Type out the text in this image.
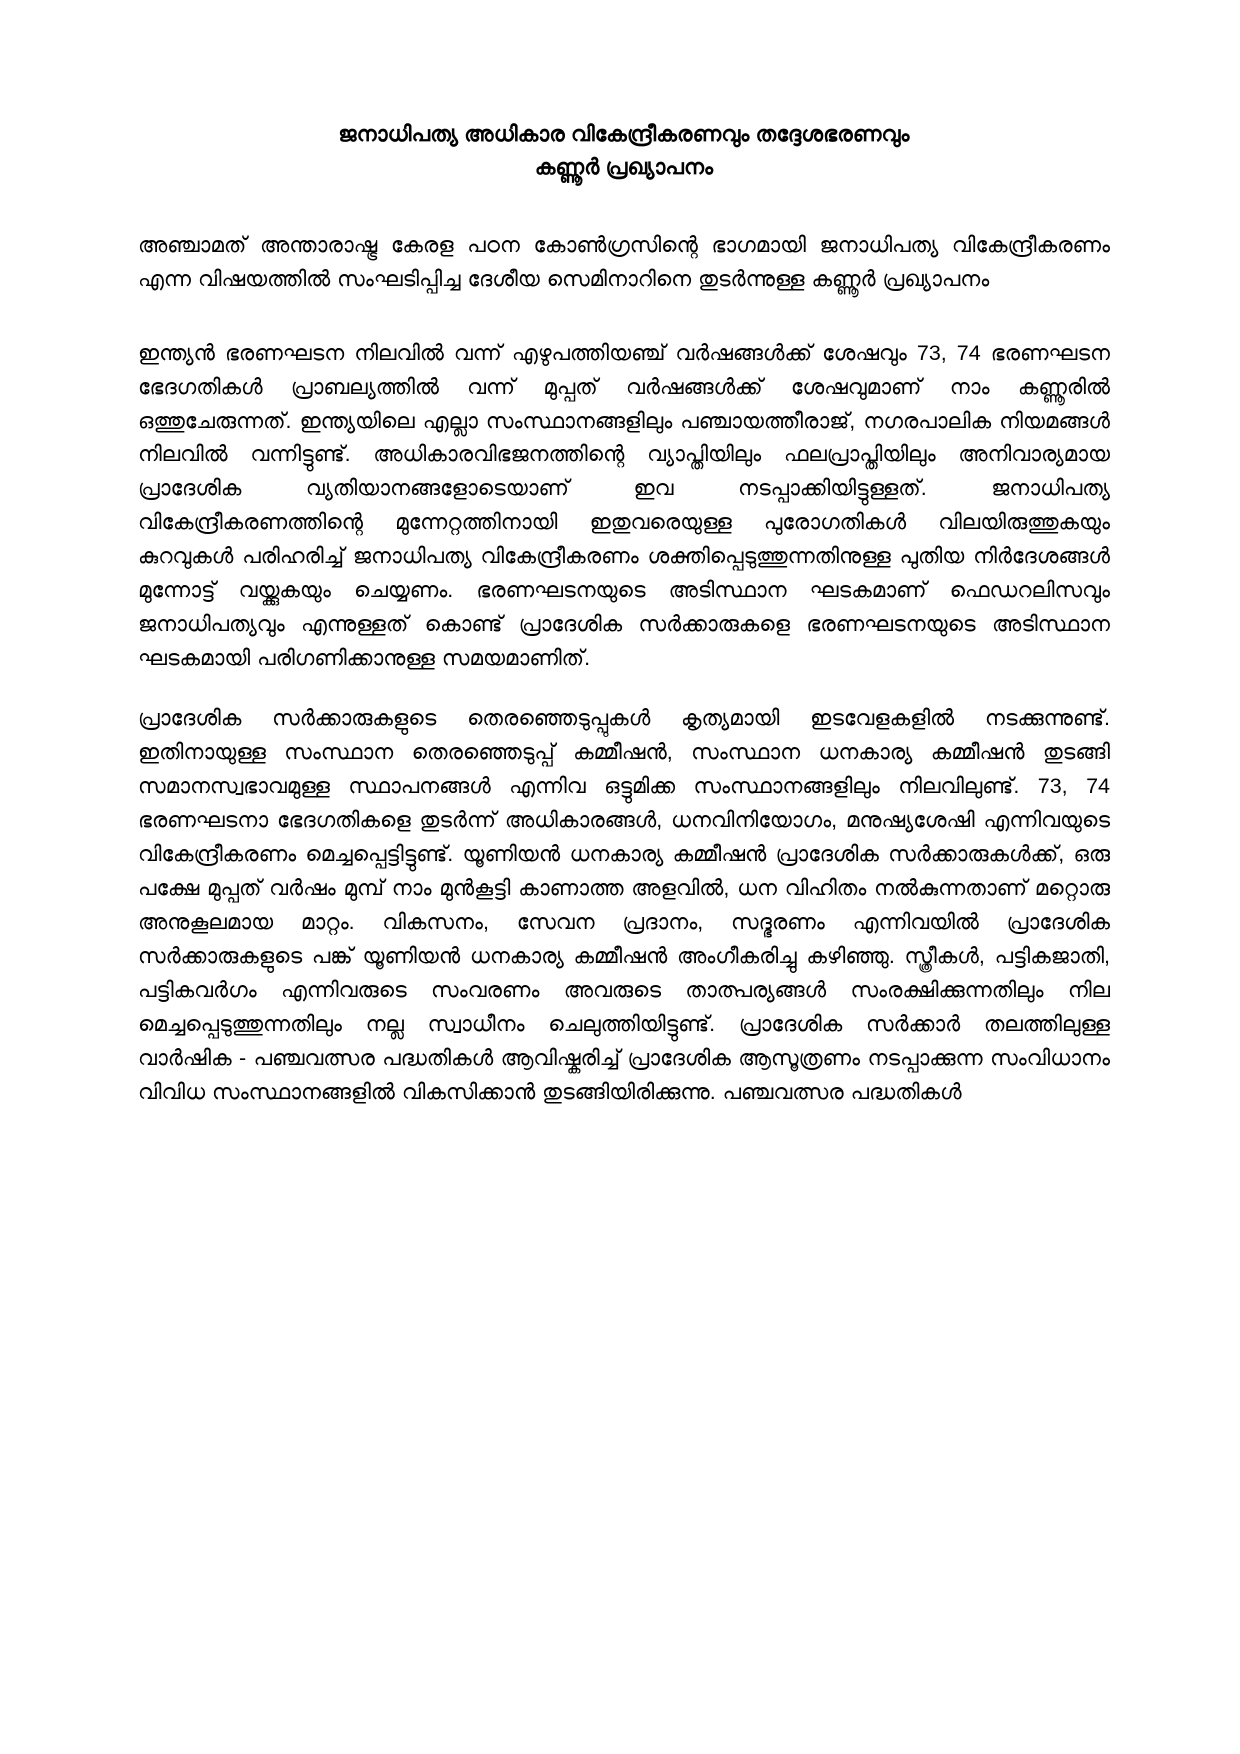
ജനാധിപത്യ അധികാര വികേന്ദ്രീകരണവും തദ്ദേശഭരണവും
കണ്ണൂർ പ്രഖ്യാപനം

അഞ്ചാമത് അന്താരാഷ്ട്ര കേരള പഠന കോൺഗ്രസിന്റെ ഭാഗമായി ജനാധിപത്യ വികേന്ദ്രീകരണം എന്ന വിഷയത്തിൽ സംഘടിപ്പിച്ച ദേശീയ സെമിനാറിനെ തുടർന്നുള്ള കണ്ണൂർ പ്രഖ്യാപനം

ഇന്ത്യൻ ഭരണഘടന നിലവിൽ വന്ന് എഴുപത്തിയഞ്ച് വർഷങ്ങൾക്ക് ശേഷവും 73, 74 ഭരണഘടന ഭേദഗതികൾ പ്രാബല്യത്തിൽ വന്ന് മുപ്പത് വർഷങ്ങൾക്ക് ശേഷവുമാണ് നാം കണ്ണൂരിൽ ഒത്തുചേരുന്നത്. ഇന്ത്യയിലെ എല്ലാ സംസ്ഥാനങ്ങളിലും പഞ്ചായത്തീരാജ്, നഗരപാലിക നിയമങ്ങൾ നിലവിൽ വന്നിട്ടുണ്ട്. അധികാരവിഭജനത്തിന്റെ വ്യാപ്തിയിലും ഫലപ്രാപ്തിയിലും അനിവാര്യമായ പ്രാദേശിക വ്യതിയാനങ്ങളോടെയാണ് ഇവ നടപ്പാക്കിയിട്ടുള്ളത്. ജനാധിപത്യ വികേന്ദ്രീകരണത്തിന്റെ മുന്നേറ്റത്തിനായി ഇതുവരെയുള്ള പുരോഗതികൾ വിലയിരുത്തുകയും കുറവുകൾ പരിഹരിച്ച് ജനാധിപത്യ വികേന്ദ്രീകരണം ശക്തിപ്പെടുത്തുന്നതിനുള്ള പുതിയ നിർദേശങ്ങൾ മുന്നോട്ട് വയ്ക്കുകയും ചെയ്യണം. ഭരണഘടനയുടെ അടിസ്ഥാന ഘടകമാണ് ഫെഡറലിസവും ജനാധിപത്യവും എന്നുള്ളത് കൊണ്ട് പ്രാദേശിക സർക്കാരുകളെ ഭരണഘടനയുടെ അടിസ്ഥാന ഘടകമായി പരിഗണിക്കാനുള്ള സമയമാണിത്.

പ്രാദേശിക സർക്കാരുകളുടെ തെരഞ്ഞെടുപ്പുകൾ കൃത്യമായി ഇടവേളകളിൽ നടക്കുന്നുണ്ട്. ഇതിനായുള്ള സംസ്ഥാന തെരഞ്ഞെടുപ്പ് കമ്മീഷൻ, സംസ്ഥാന ധനകാര്യ കമ്മീഷൻ തുടങ്ങി സമാനസ്വഭാവമുള്ള സ്ഥാപനങ്ങൾ എന്നിവ ഒട്ടുമിക്ക സംസ്ഥാനങ്ങളിലും നിലവിലുണ്ട്. 73, 74 ഭരണഘടനാ ഭേദഗതികളെ തുടർന്ന് അധികാരങ്ങൾ, ധനവിനിയോഗം, മനുഷ്യശേഷി എന്നിവയുടെ വികേന്ദ്രീകരണം മെച്ചപ്പെട്ടിട്ടുണ്ട്. യൂണിയൻ ധനകാര്യ കമ്മീഷൻ പ്രാദേശിക സർക്കാരുകൾക്ക്, ഒരു പക്ഷേ മുപ്പത് വർഷം മുമ്പ് നാം മുൻകൂട്ടി കാണാത്ത അളവിൽ, ധന വിഹിതം നൽകുന്നതാണ് മറ്റൊരു അനുകൂലമായ മാറ്റം. വികസനം, സേവന പ്രദാനം, സദ്ഭരണം എന്നിവയിൽ പ്രാദേശിക സർക്കാരുകളുടെ പങ്ക് യൂണിയൻ ധനകാര്യ കമ്മീഷൻ അംഗീകരിച്ചു കഴിഞ്ഞു. സ്ത്രീകൾ, പട്ടികജാതി, പട്ടികവർഗം എന്നിവരുടെ സംവരണം അവരുടെ താത്പര്യങ്ങൾ സംരക്ഷിക്കുന്നതിലും നില മെച്ചപ്പെടുത്തുന്നതിലും നല്ല സ്വാധീനം ചെലുത്തിയിട്ടുണ്ട്. പ്രാദേശിക സർക്കാർ തലത്തിലുള്ള വാർഷിക - പഞ്ചവത്സര പദ്ധതികൾ ആവിഷ്കരിച്ച് പ്രാദേശിക ആസൂത്രണം നടപ്പാക്കുന്ന സംവിധാനം വിവിധ സംസ്ഥാനങ്ങളിൽ വികസിക്കാൻ തുടങ്ങിയിരിക്കുന്നു. പഞ്ചവത്സര പദ്ധതികൾ
